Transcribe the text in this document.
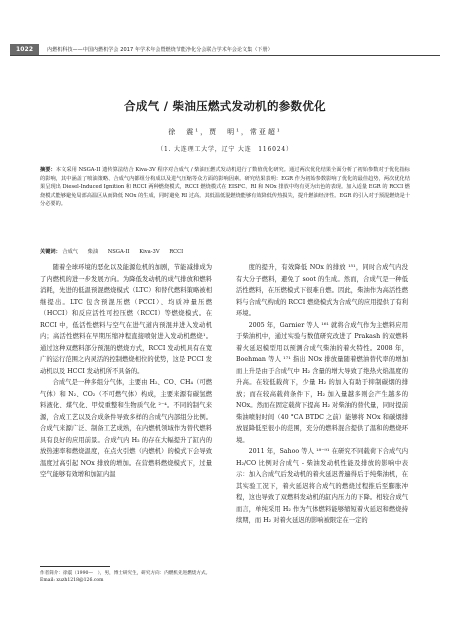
1022	内燃机科技——中国内燃机学会 2017 年学术年会暨燃烧节能净化分会联合学术年会论文集（下册）
合成气 / 柴油压燃式发动机的参数优化
徐　震¹，贾　明¹，常亚超¹
（1. 大连理工大学，辽宁 大连　116024）
摘要：本文采用 NSGA-II 遗传算法结合 Kiva-3V 程序对合成气 / 柴油压燃式发动机进行了数值优化研究。通过两次优化结果全面分析了初始参数对于优化指标的影响，其中涵盖了喷油策略、合成气内都组分构成以及进气压缩等众方面的影响因素。研究结果表明：EGR 作为初始参数影响了优化的最佳趋势，两次优化结果呈现出 Diesel-Induced Ignition 和 RCCI 两种燃烧模式，RCCI 燃烧模式在 EISFC、RI 和 NOx 排放中均有更为出色的表现。加入适量 EGR 的 RCCI 燃烧模式能够避免局部高温区从而降低 NOx 的生成，同时避免 RI 过高。其低温低混燃烧能够有效降低传热损失，提升燃油经济性。EGR 的引入对于预混燃烧是十分必要的。
关键词： 合成气 柴油 NSGA-II Kiva-3V RCCI

随着全球环境的恶化以及能源危机的加剧，节能减排成为了内燃机的进一步发展方向。为降低发动机的成气排放和燃料消耗，先进的低温预混燃烧模式（LTC）和替代燃料策略被相继提出。LTC 包含预混压燃（PCCI）、均质冲量压燃（HCCI）和反应活性可控压燃（RCCI）等燃烧模式。在 RCCI 中，低活性燃料与空气在进气道内预混并进入发动机内；高活性燃料在早期压缩冲程直接喷射进入发动机燃烧¹。通过这种双燃料部分预混的燃烧方式，RCCI 发动机具有在宽广的运行范围之内灵活的控制燃烧相位的优势，这是 PCCI 发动机以及 HCCI 发动机所不具备的。

合成气是一种多组分气体，主要由 H₂、CO、CH₄（可燃气体）和 N₂、CO₂（不可燃气体）构成，主要来源有碳氢燃料液化、煤气化、甲烷重整和生物质气化 ²⁻⁴。不同的制气来源，合成工艺以及合成条件导致多样的合成气内部组分比例。合成气来源广泛、制备工艺成熟，在内燃机领域作为替代燃料具有良好的应用前景。合成气内 H₂ 的存在大幅提升了缸内的放热速率和燃烧温度，在点火引燃（内燃机）的模式下会导致温度过高引起 NOx 排放的增加。在营燃料燃烧模式下，过量空气能够有效增和加缸内温

度的提升，有效降低 NOx 的排放 ¹⁵¹，同时合成气内没有大分子燃料，避免了 soot 的生成。然而，合成气是一种低活性燃料，在压燃模式下很难自燃。因此，柴油作为高活性燃料与合成气构成的 RCCI 燃烧模式为合成气的应用提供了有利环境。

2005 年，Garnier 等人 ¹⁶¹ 就将合成气作为主燃料应用于柴油机中，通过实验与数值研究改进了 Prakash 的双燃料着火延迟模型用以预测合成气柴油的着火特性。2008 年，Boehman 等人 ¹⁷¹ 指出 NOx 排放量随着燃油替代率的增加而上升是由于合成气中 H₂ 含量的增大导致了绝热火焰温度的升高。在较低载荷下，少量 H₂ 的加入有助于抑制碳烟的排放；而在较高载荷条件下，H₂ 加入量越多则会产生越多的 NOx。然而在固定载荷下提高 H₂ 对柴油的替代量，同时提前柴油喷射时间（40 °CA BTDC 之前）能够将 NOx 和碳烟排放显降低至很小的范围，充分的燃料混合提供了温和的燃烧环境。

2011 年，Sahoo 等人 ¹⁸⁻⁹¹ 在研究不同载荷下合成气内 H₂/CO 比例对合成气 - 柴油发动机性能及排放的影响中表示：加入合成气后发动机的着火延迟普遍得后于纯柴油机，在其实验工况下，着火延迟将合成气的燃烧过程推后至膨胀冲程，这也导致了双燃料发动机的缸内压力的下降。相较合成气而言，单纯采用 H₂ 作为气体燃料能够缩短着火延迟和燃烧持续期，而 H₂ 对着火延迟的影响被限定在一定的

作者简介：徐震（1990—　），男，博士研究生，研究方向：内燃机先进燃烧方式。
Email: xuzh1218@126.com
